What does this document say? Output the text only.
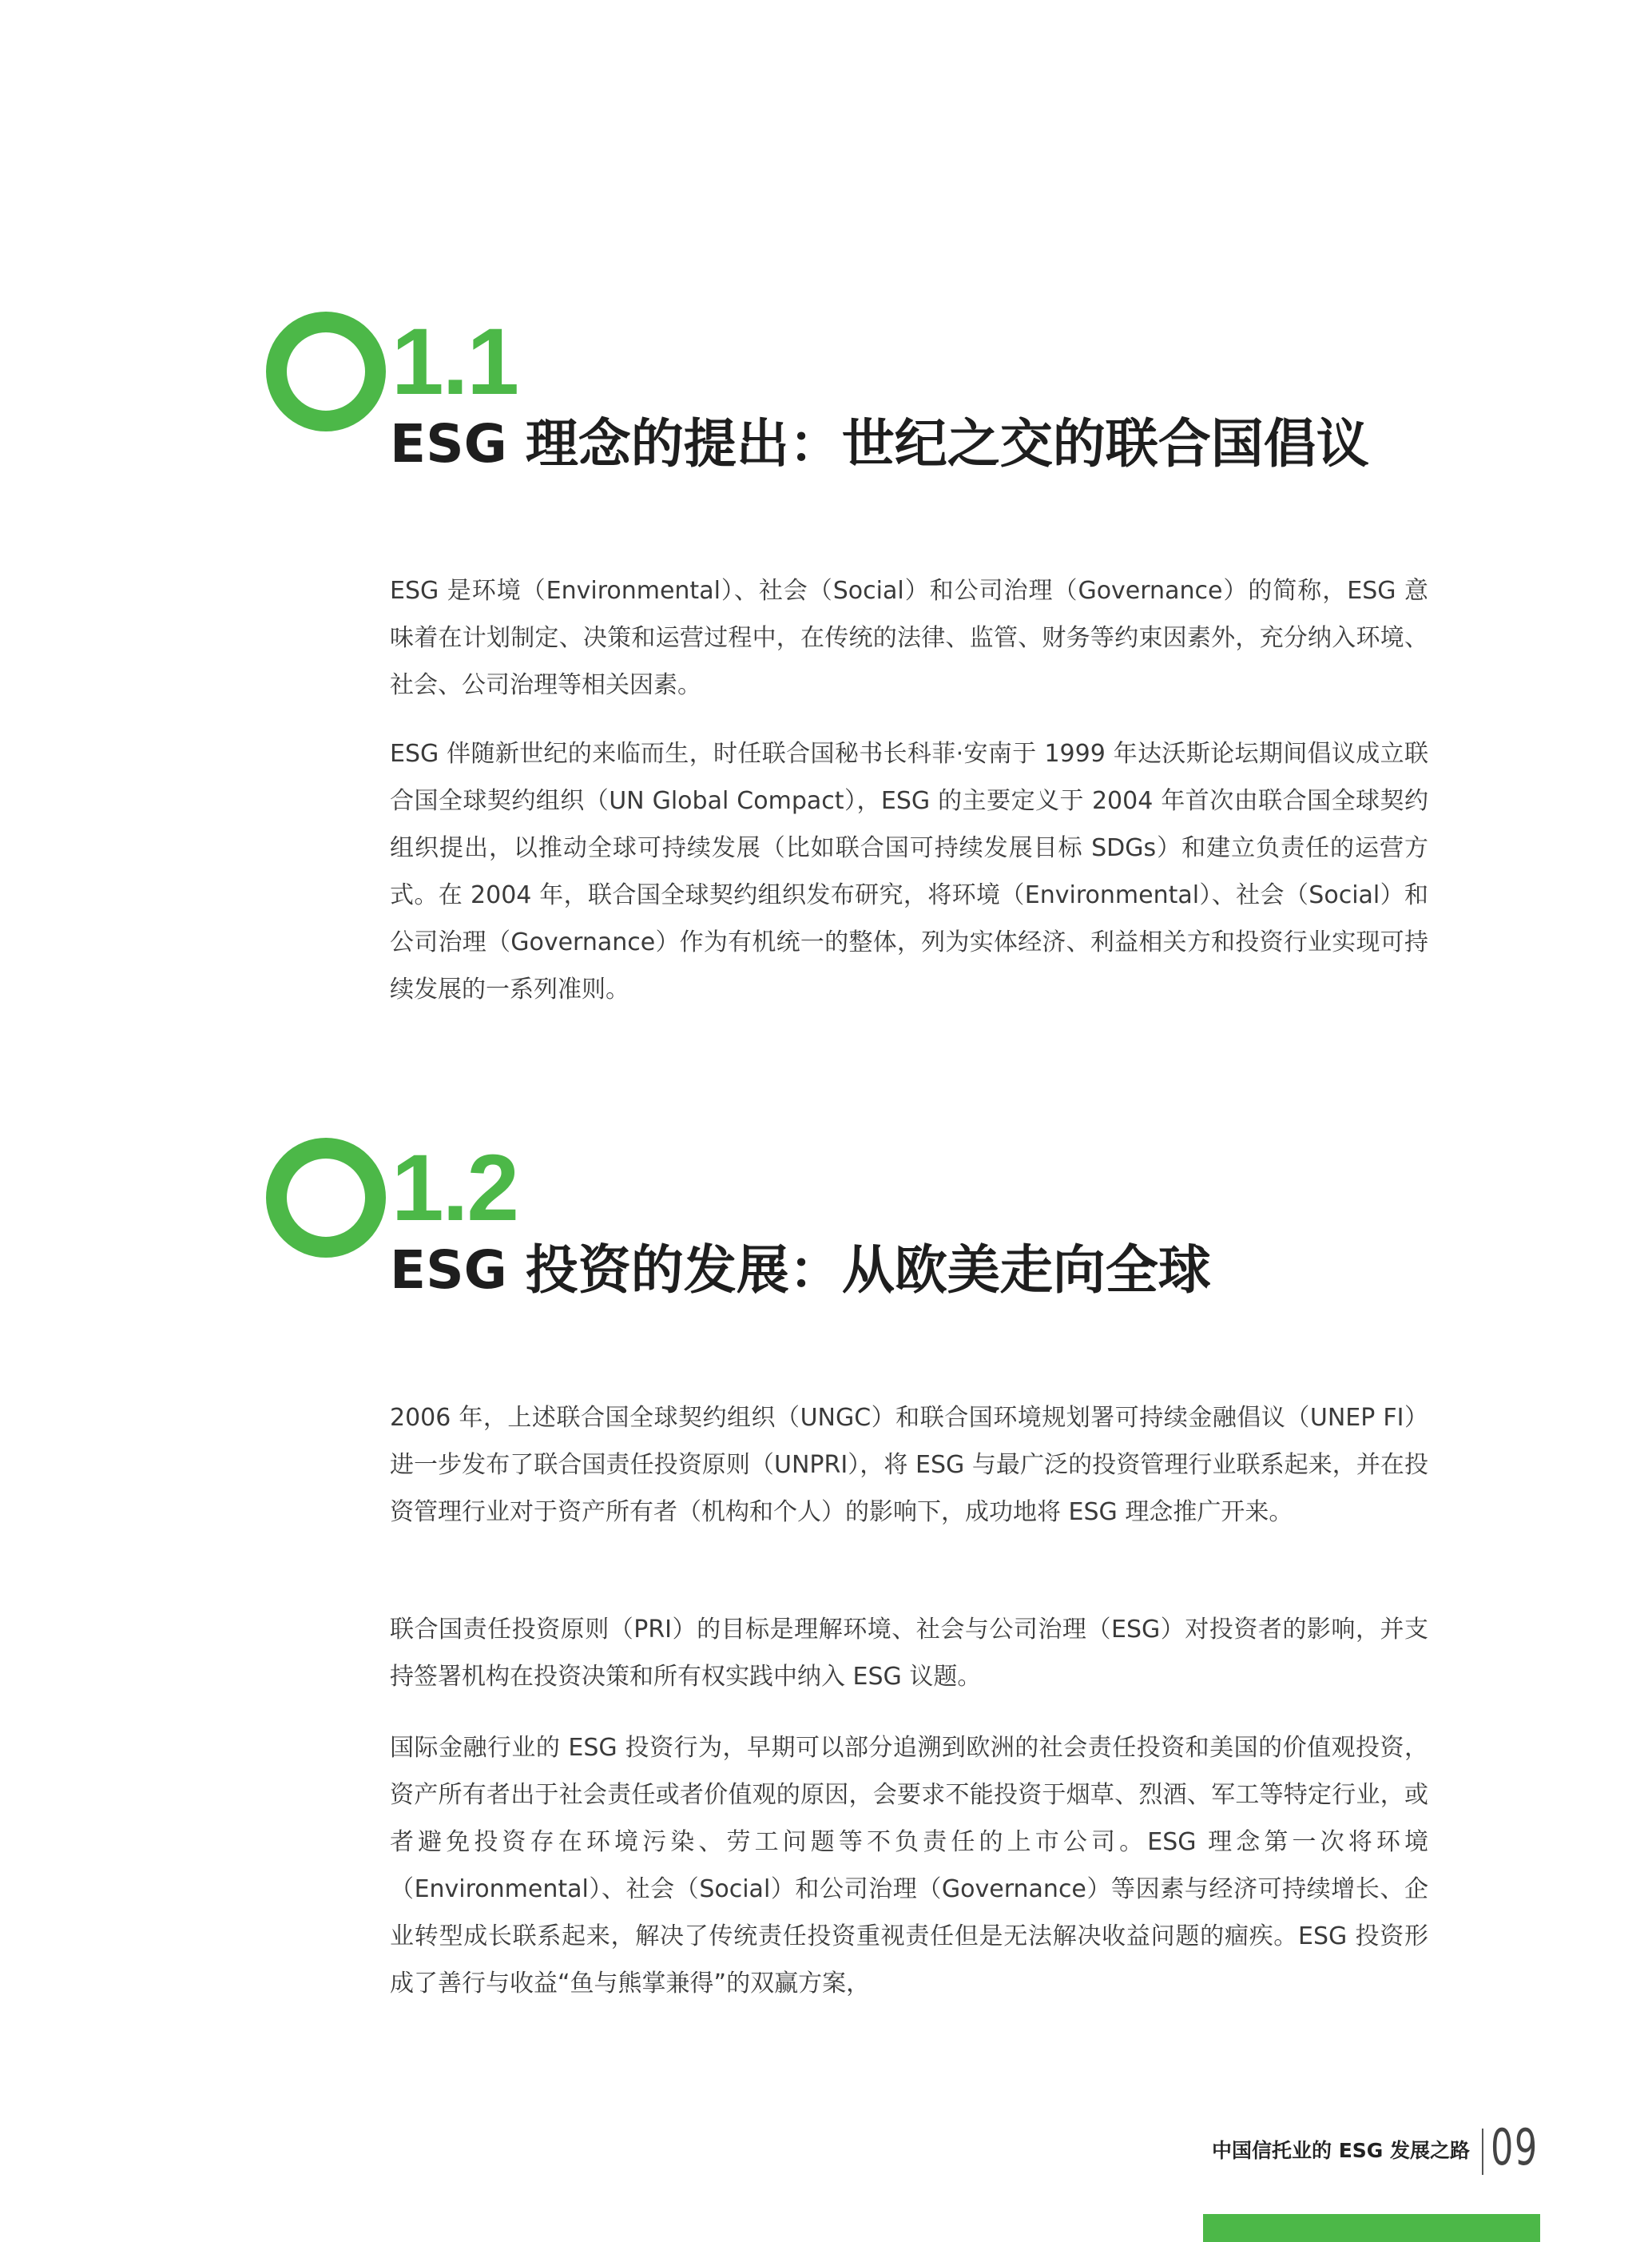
1.1
ESG 理念的提出：世纪之交的联合国倡议

ESG 是环境（Environmental）、社会（Social）和公司治理（Governance）的简称，ESG 意味着在计划制定、决策和运营过程中，在传统的法律、监管、财务等约束因素外，充分纳入环境、社会、公司治理等相关因素。

ESG 伴随新世纪的来临而生，时任联合国秘书长科菲·安南于 1999 年达沃斯论坛期间倡议成立联合国全球契约组织（UN Global Compact），ESG 的主要定义于 2004 年首次由联合国全球契约组织提出，以推动全球可持续发展（比如联合国可持续发展目标 SDGs）和建立负责任的运营方式。在 2004 年，联合国全球契约组织发布研究，将环境（Environmental）、社会（Social）和公司治理（Governance）作为有机统一的整体，列为实体经济、利益相关方和投资行业实现可持续发展的一系列准则。

1.2
ESG 投资的发展：从欧美走向全球

2006 年，上述联合国全球契约组织（UNGC）和联合国环境规划署可持续金融倡议（UNEP FI）进一步发布了联合国责任投资原则（UNPRI），将 ESG 与最广泛的投资管理行业联系起来，并在投资管理行业对于资产所有者（机构和个人）的影响下，成功地将 ESG 理念推广开来。

联合国责任投资原则（PRI）的目标是理解环境、社会与公司治理（ESG）对投资者的影响，并支持签署机构在投资决策和所有权实践中纳入 ESG 议题。

国际金融行业的 ESG 投资行为，早期可以部分追溯到欧洲的社会责任投资和美国的价值观投资，资产所有者出于社会责任或者价值观的原因，会要求不能投资于烟草、烈酒、军工等特定行业，或者避免投资存在环境污染、劳工问题等不负责任的上市公司。ESG 理念第一次将环境（Environmental）、社会（Social）和公司治理（Governance）等因素与经济可持续增长、企业转型成长联系起来，解决了传统责任投资重视责任但是无法解决收益问题的痼疾。ESG 投资形成了善行与收益“鱼与熊掌兼得”的双赢方案，

中国信托业的 ESG 发展之路 09
